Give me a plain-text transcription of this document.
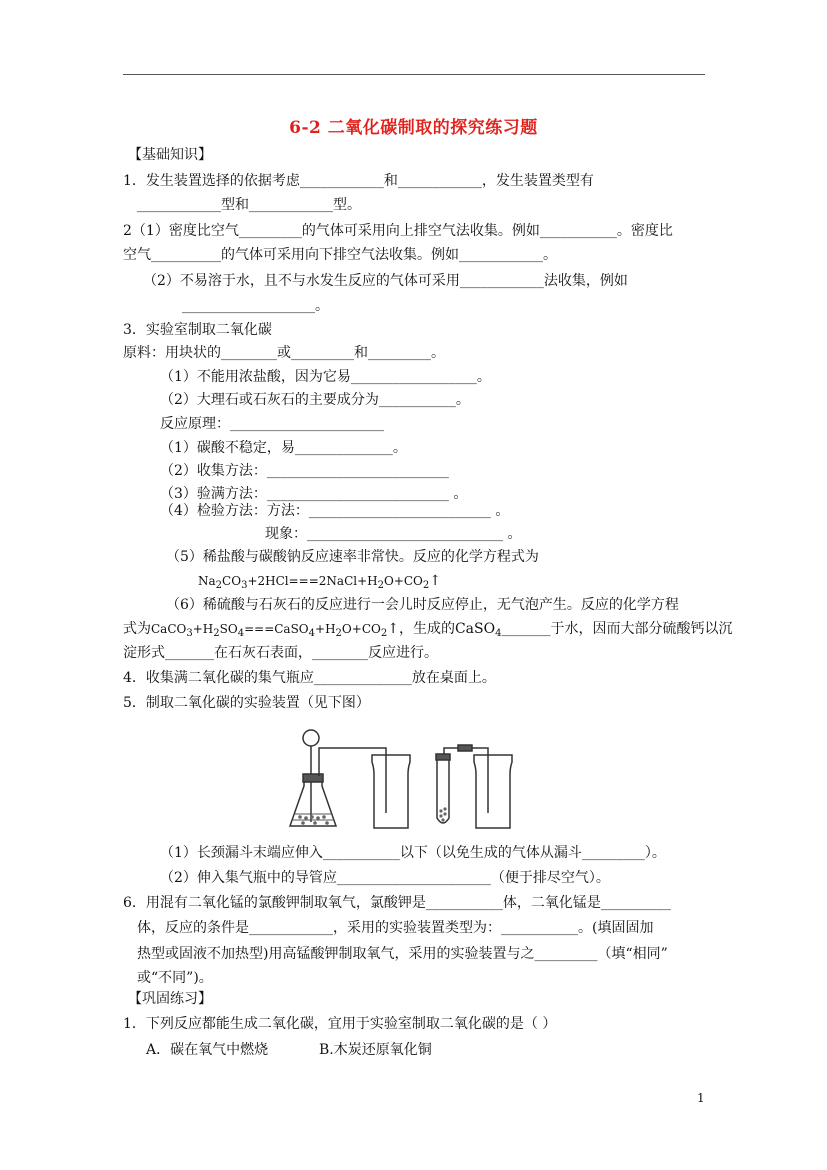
6-2 二氧化碳制取的探究练习题
【基础知识】
1．发生装置选择的依据考虑____________和____________，发生装置类型有
____________型和____________型。
2（1）密度比空气_________的气体可采用向上排空气法收集。例如___________。密度比
空气__________的气体可采用向下排空气法收集。例如____________。
（2）不易溶于水，且不与水发生反应的气体可采用____________法收集，例如
___________________。
3．实验室制取二氧化碳
原料：用块状的________或_________和_________。
（1）不能用浓盐酸，因为它易__________________。
（2）大理石或石灰石的主要成分为___________。
反应原理：______________________
（1）碳酸不稳定，易______________。
（2）收集方法：__________________________
（3）验满方法：__________________________ 。
（4）检验方法：方法：__________________________ 。
现象：____________________________ 。
（5）稀盐酸与碳酸钠反应速率非常快。反应的化学方程式为
$Na_2CO_3+2HCl===2NaCl+H_2O+CO_2↑$
（6）稀硫酸与石灰石的反应进行一会儿时反应停止，无气泡产生。反应的化学方程
式为$CaCO_3+H_2SO_4===CaSO_4+H_2O+CO_2↑$，生成的CaSO$_4$_______于水，因而大部分硫酸钙以沉
淀形式_______在石灰石表面，________反应进行。
4．收集满二氧化碳的集气瓶应______________放在桌面上。
5．制取二氧化碳的实验装置（见下图）
（1）长颈漏斗末端应伸入___________以下（以免生成的气体从漏斗_________）。
（2）伸入集气瓶中的导管应______________________（便于排尽空气）。
6．用混有二氧化锰的氯酸钾制取氧气，氯酸钾是___________体，二氧化锰是__________
体，反应的条件是____________，采用的实验装置类型为：___________。(填固固加
热型或固液不加热型)用高锰酸钾制取氧气，采用的实验装置与之_________（填“相同”
或“不同”)。
【巩固练习】
1．下列反应都能生成二氧化碳，宜用于实验室制取二氧化碳的是（ ）
A．碳在氧气中燃烧	B.木炭还原氧化铜
1
